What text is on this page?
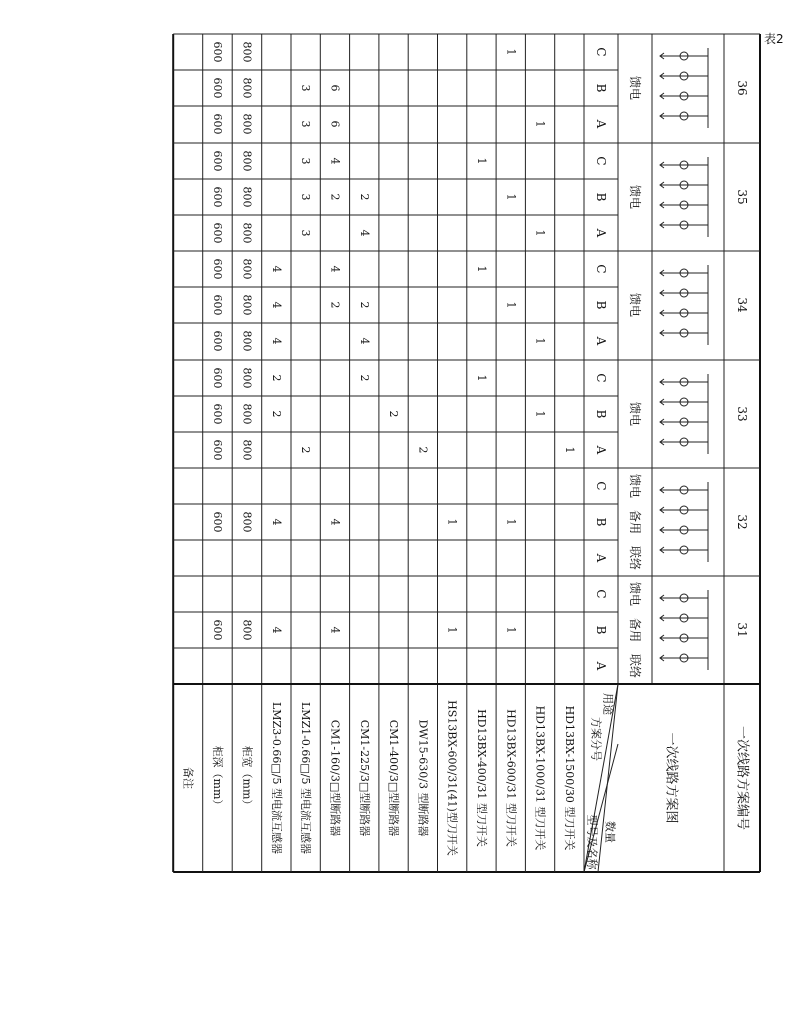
表2
一次线路方案编号
一次线路方案图
用途
方案分号
数量
型号及名称
31
联络
备用
馈电
A
B
C
32
联络
备用
馈电
A
B
C
33
馈电
A
B
C
34
馈电
A
B
C
35
馈电
A
B
C
36
馈电
A
B
C
HD13BX-1500/30 型刀开关
1
HD13BX-1000/31 型刀开关
1
1
1
1
HD13BX-600/31 型刀开关
1
1
1
1
1
HD13BX-400/31 型刀开关
1
1
1
HS13BX-600/31(41)型刀开关
1
1
DW15-630/3 型断路器
2
CM1-400/3□型断路器
2
CM1-225/3□型断路器
2
4
2
4
2
CM1-160/3□型断路器
4
4
2
4
2
4
6
6
LMZ1-0.66□/5 型电流互感器
2
3
3
3
3
3
LMZ3-0.66□/5 型电流互感器
4
4
2
2
4
4
4
柜宽（mm）
800
800
800
800
800
800
800
800
800
800
800
800
800
800
柜深（mm）
600
600
600
600
600
600
600
600
600
600
600
600
600
600
备注
